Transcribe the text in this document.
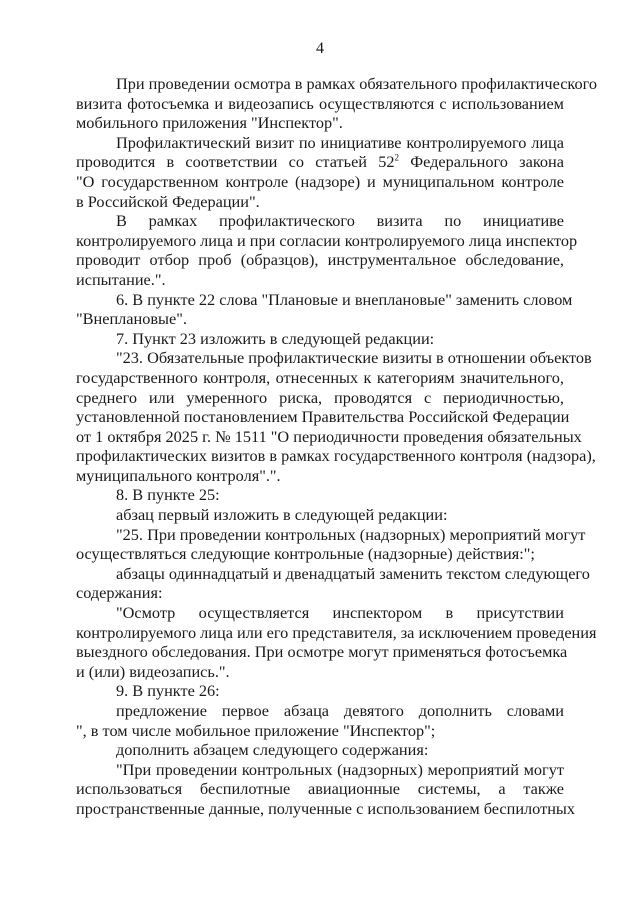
4
При проведении осмотра в рамках обязательного профилактического
визита фотосъемка и видеозапись осуществляются с использованием
мобильного приложения "Инспектор".
Профилактический визит по инициативе контролируемого лица
проводится в соответствии со статьей $52^2$ Федерального закона
"О государственном контроле (надзоре) и муниципальном контроле
в Российской Федерации".
В рамках профилактического визита по инициативе
контролируемого лица и при согласии контролируемого лица инспектор
проводит отбор проб (образцов), инструментальное обследование,
испытание.".
6. В пункте 22 слова "Плановые и внеплановые" заменить словом
"Внеплановые".
7. Пункт 23 изложить в следующей редакции:
"23. Обязательные профилактические визиты в отношении объектов
государственного контроля, отнесенных к категориям значительного,
среднего или умеренного риска, проводятся с периодичностью,
установленной постановлением Правительства Российской Федерации
от 1 октября 2025 г. № 1511 "О периодичности проведения обязательных
профилактических визитов в рамках государственного контроля (надзора),
муниципального контроля".".
8. В пункте 25:
абзац первый изложить в следующей редакции:
"25. При проведении контрольных (надзорных) мероприятий могут
осуществляться следующие контрольные (надзорные) действия:";
абзацы одиннадцатый и двенадцатый заменить текстом следующего
содержания:
"Осмотр осуществляется инспектором в присутствии
контролируемого лица или его представителя, за исключением проведения
выездного обследования. При осмотре могут применяться фотосъемка
и (или) видеозапись.".
9. В пункте 26:
предложение первое абзаца девятого дополнить словами
", в том числе мобильное приложение "Инспектор";
дополнить абзацем следующего содержания:
"При проведении контрольных (надзорных) мероприятий могут
использоваться беспилотные авиационные системы, а также
пространственные данные, полученные с использованием беспилотных
